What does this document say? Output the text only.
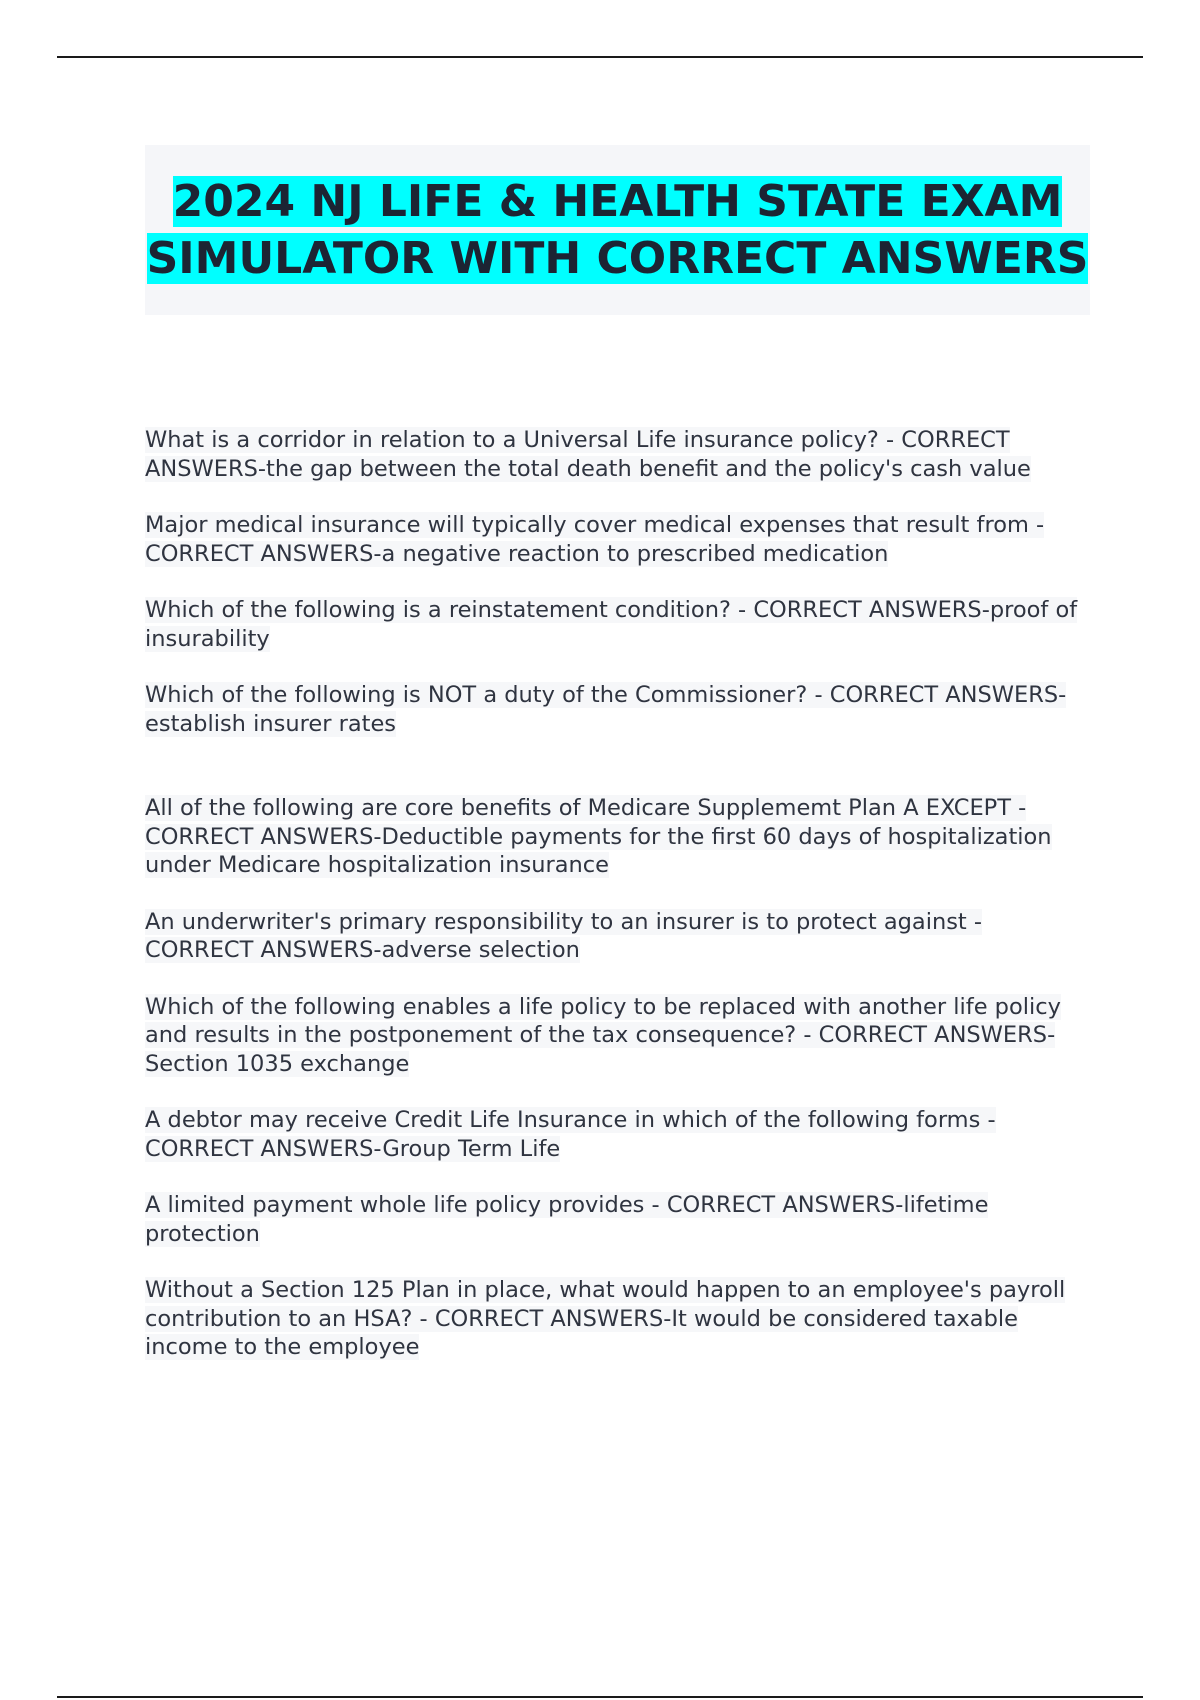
2024 NJ LIFE & HEALTH STATE EXAM SIMULATOR WITH CORRECT ANSWERS
What is a corridor in relation to a Universal Life insurance policy? - CORRECT ANSWERS-the gap between the total death benefit and the policy's cash value
Major medical insurance will typically cover medical expenses that result from - CORRECT ANSWERS-a negative reaction to prescribed medication
Which of the following is a reinstatement condition? - CORRECT ANSWERS-proof of insurability
Which of the following is NOT a duty of the Commissioner? - CORRECT ANSWERS-establish insurer rates
All of the following are core benefits of Medicare Supplememt Plan A EXCEPT - CORRECT ANSWERS-Deductible payments for the first 60 days of hospitalization under Medicare hospitalization insurance
An underwriter's primary responsibility to an insurer is to protect against - CORRECT ANSWERS-adverse selection
Which of the following enables a life policy to be replaced with another life policy and results in the postponement of the tax consequence? - CORRECT ANSWERS-Section 1035 exchange
A debtor may receive Credit Life Insurance in which of the following forms - CORRECT ANSWERS-Group Term Life
A limited payment whole life policy provides - CORRECT ANSWERS-lifetime protection
Without a Section 125 Plan in place, what would happen to an employee's payroll contribution to an HSA? - CORRECT ANSWERS-It would be considered taxable income to the employee
